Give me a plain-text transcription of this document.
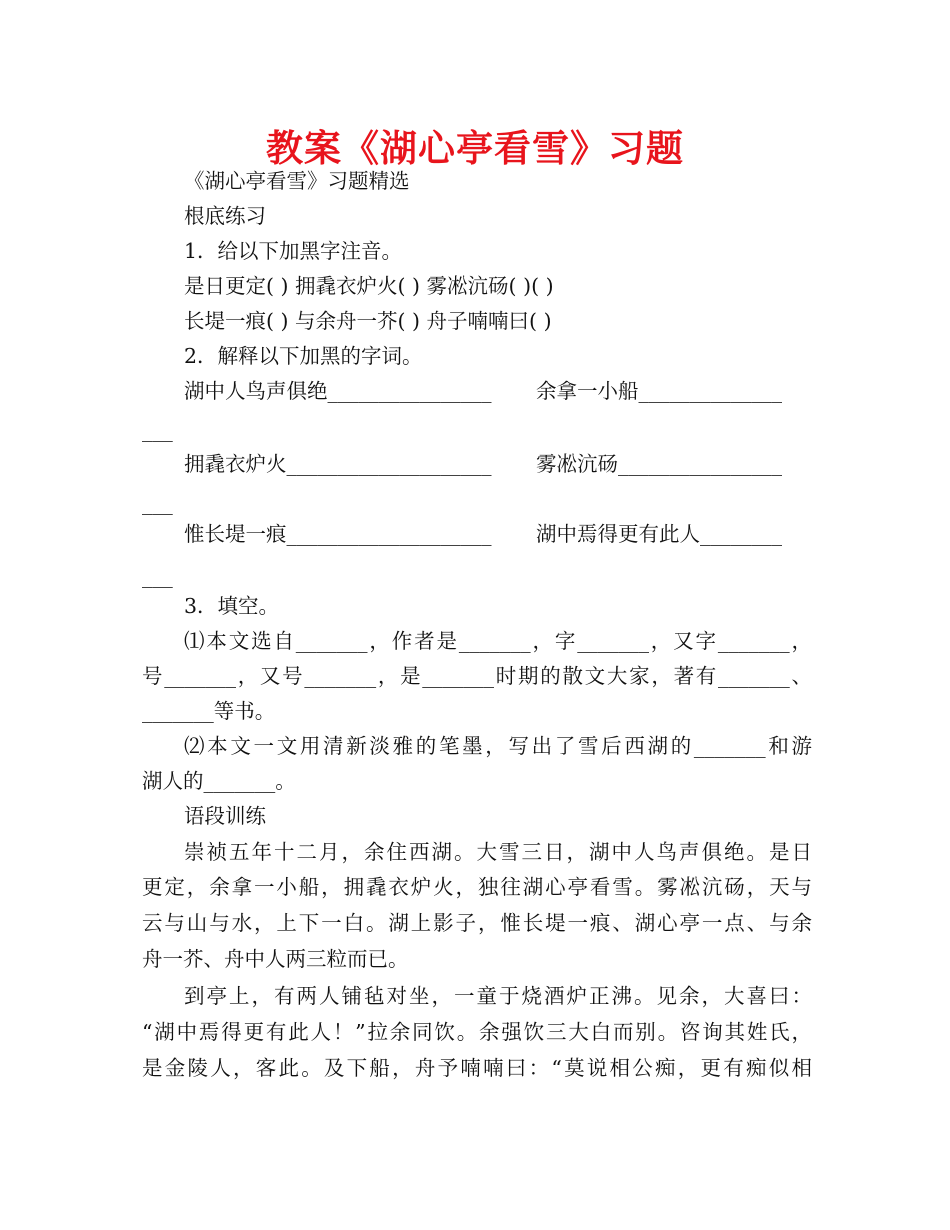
教案《湖心亭看雪》习题
《湖心亭看雪》习题精选
根底练习
1．给以下加黑字注音。
是日更定( ) 拥毳衣炉火( ) 雾凇沆砀( )( )
长堤一痕( ) 与余舟一芥( ) 舟子喃喃曰( )
2．解释以下加黑的字词。
湖中人鸟声俱绝________________ 余拿一小船______________
___
拥毳衣炉火____________________ 雾凇沆砀________________
___
惟长堤一痕____________________ 湖中焉得更有此人________
___
3．填空。
⑴本文选自_______，作者是_______，字_______，又字_______，
号_______，又号_______，是_______时期的散文大家，著有_______、
_______等书。
⑵本文一文用清新淡雅的笔墨，写出了雪后西湖的_______和游
湖人的_______。
语段训练
崇祯五年十二月，余住西湖。大雪三日，湖中人鸟声俱绝。是日
更定，余拿一小船，拥毳衣炉火，独往湖心亭看雪。雾凇沆砀，天与
云与山与水，上下一白。湖上影子，惟长堤一痕、湖心亭一点、与余
舟一芥、舟中人两三粒而已。
到亭上，有两人铺毡对坐，一童于烧酒炉正沸。见余，大喜曰：
“湖中焉得更有此人！”拉余同饮。余强饮三大白而别。咨询其姓氏，
是金陵人，客此。及下船，舟予喃喃曰：“莫说相公痴，更有痴似相
